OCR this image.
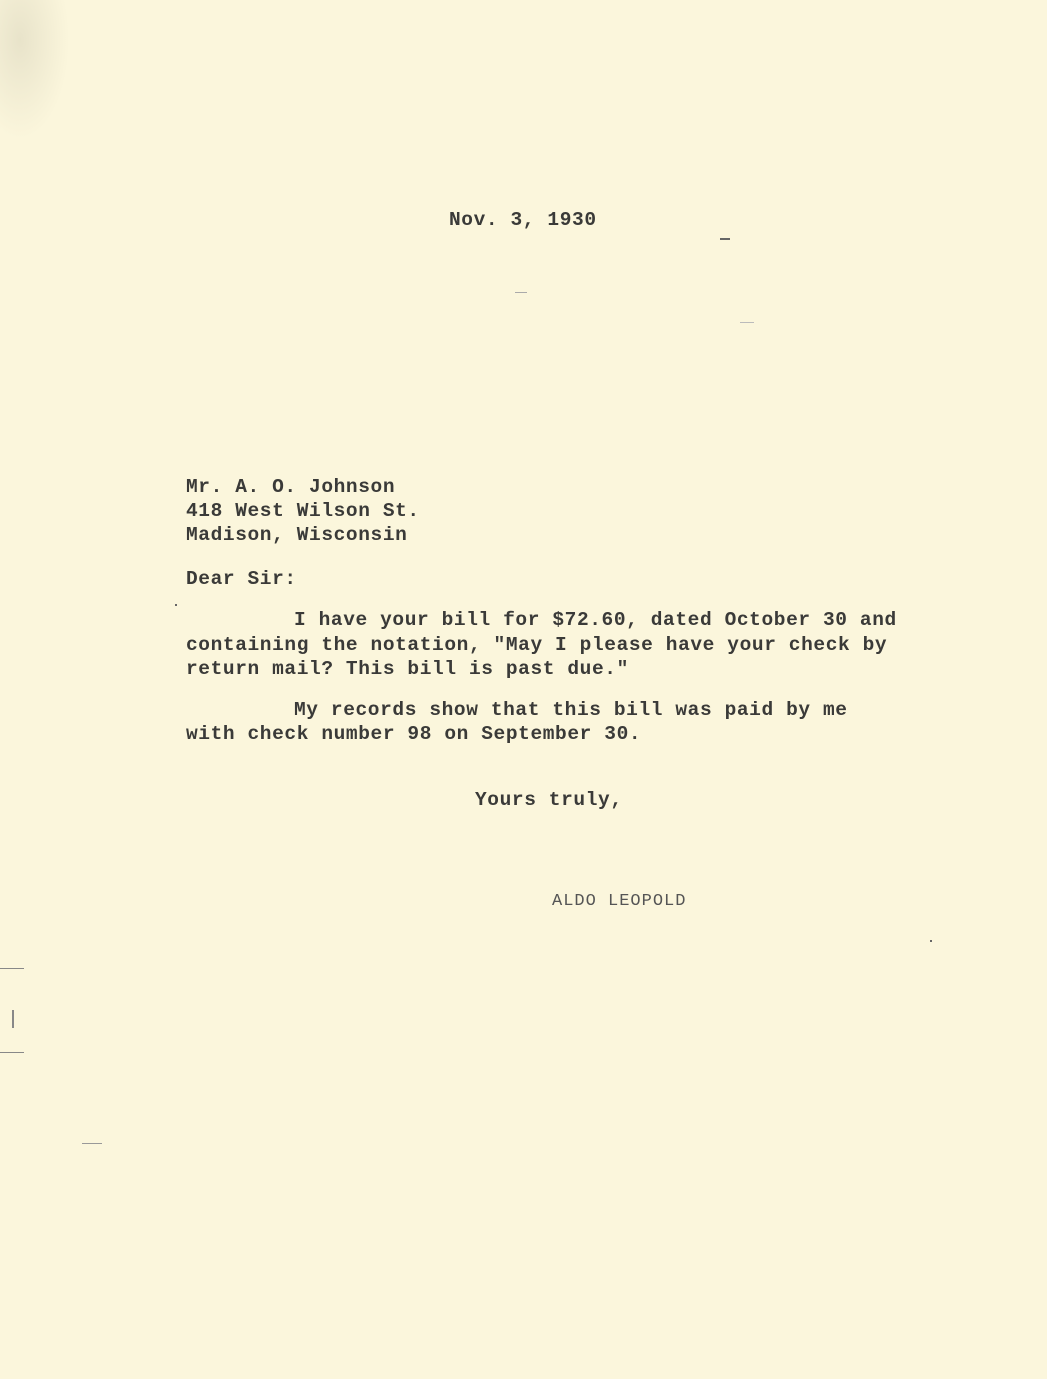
Nov. 3, 1930
Mr. A. O. Johnson
418 West Wilson St.
Madison, Wisconsin
Dear Sir:
I have your bill for $72.60, dated October 30 and
containing the notation, "May I please have your check by
return mail? This bill is past due."
My records show that this bill was paid by me
with check number 98 on September 30.
Yours truly,
ALDO LEOPOLD
